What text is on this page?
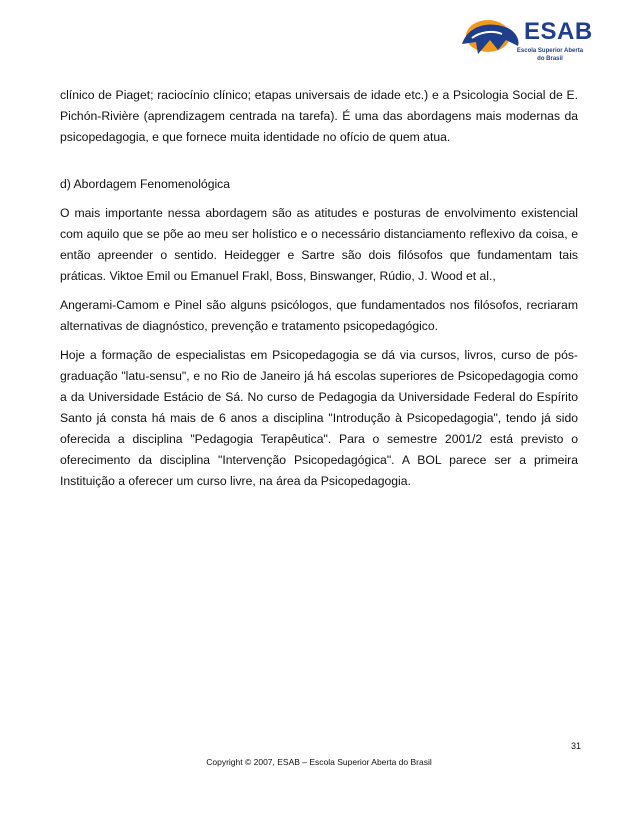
ESAB
Escola Superior Aberta do Brasil

clínico de Piaget; raciocínio clínico; etapas universais de idade etc.) e a Psicologia Social de E. Pichón-Rivière (aprendizagem centrada na tarefa). É uma das abordagens mais modernas da psicopedagogia, e que fornece muita identidade no ofício de quem atua.

d) Abordagem Fenomenológica

O mais importante nessa abordagem são as atitudes e posturas de envolvimento existencial com aquilo que se põe ao meu ser holístico e o necessário distanciamento reflexivo da coisa, e então apreender o sentido. Heidegger e Sartre são dois filósofos que fundamentam tais práticas. Viktoe Emil ou Emanuel Frakl, Boss, Binswanger, Rúdio, J. Wood et al.,

Angerami-Camom e Pinel são alguns psicólogos, que fundamentados nos filósofos, recriaram alternativas de diagnóstico, prevenção e tratamento psicopedagógico.

Hoje a formação de especialistas em Psicopedagogia se dá via cursos, livros, curso de pós-graduação "latu-sensu", e no Rio de Janeiro já há escolas superiores de Psicopedagogia como a da Universidade Estácio de Sá. No curso de Pedagogia da Universidade Federal do Espírito Santo já consta há mais de 6 anos a disciplina "Introdução à Psicopedagogia", tendo já sido oferecida a disciplina "Pedagogia Terapêutica". Para o semestre 2001/2 está previsto o oferecimento da disciplina "Intervenção Psicopedagógica". A BOL parece ser a primeira Instituição a oferecer um curso livre, na área da Psicopedagogia.

31
Copyright © 2007, ESAB – Escola Superior Aberta do Brasil
